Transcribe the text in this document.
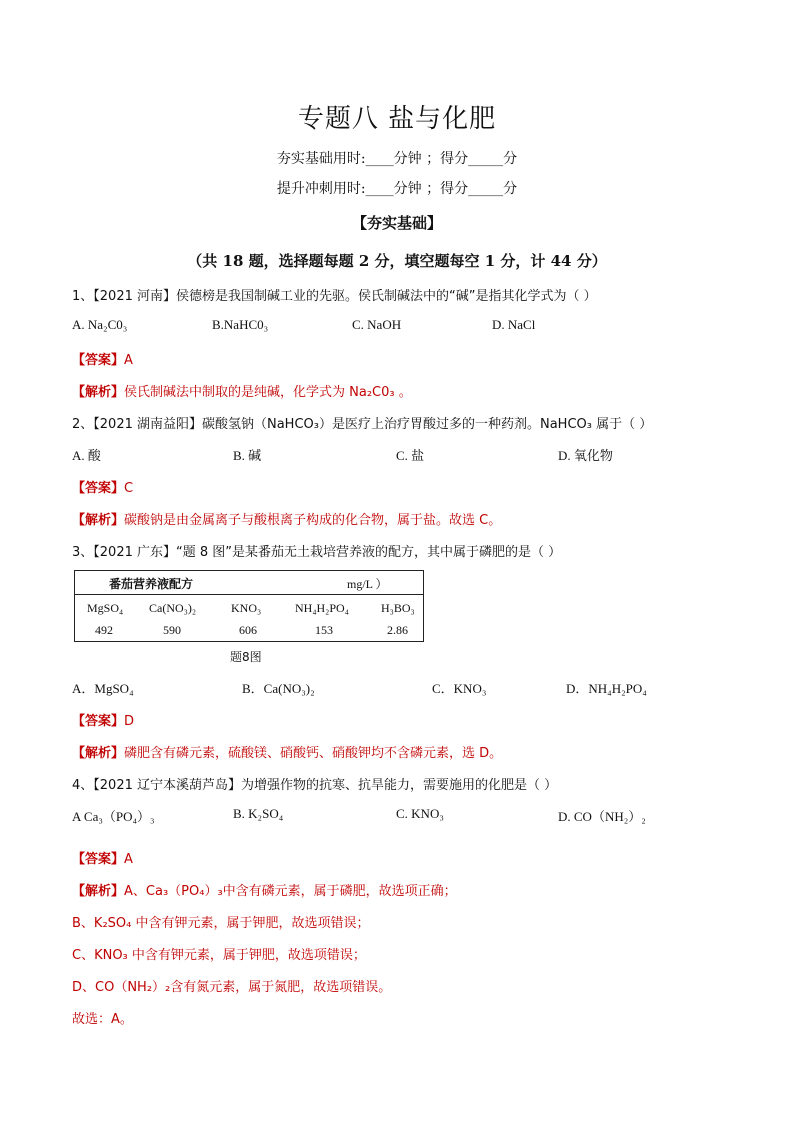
专题八 盐与化肥
夯实基础用时:____分钟 ；得分_____分
提升冲刺用时:____分钟 ；得分_____分
【夯实基础】
（共 18 题，选择题每题 2 分，填空题每空 1 分，计 44 分）
1、【2021 河南】侯德榜是我国制碱工业的先驱。侯氏制碱法中的“碱”是指其化学式为（ ）
A. Na₂C0₃	B.NaHC0₃	C. NaOH	D. NaCl
【答案】A
【解析】侯氏制碱法中制取的是纯碱，化学式为 Na₂C0₃ 。
2、【2021 湖南益阳】碳酸氢钠（NaHCO₃）是医疗上治疗胃酸过多的一种药剂。NaHCO₃ 属于（ ）
A. 酸	B. 碱	C. 盐	D. 氧化物
【答案】C
【解析】碳酸钠是由金属离子与酸根离子构成的化合物，属于盐。故选 C。
3、【2021 广东】“题 8 图”是某番茄无土栽培营养液的配方，其中属于磷肥的是（ ）
番茄营养液配方	mg/L ）
MgSO₄ Ca(NO₃)₂	KNO₃	NH₄H₂PO₄	H₃BO₃
492	590	606	153	2.86
题8图
A．MgSO₄	B．Ca(NO₃)₂	C．KNO₃	D．NH₄H₂PO₄
【答案】D
【解析】磷肥含有磷元素，硫酸镁、硝酸钙、硝酸钾均不含磷元素，选 D。
4、【2021 辽宁本溪葫芦岛】为增强作物的抗寒、抗旱能力，需要施用的化肥是（ ）
A Ca₃（PO₄）₃	B. K₂SO₄	C. KNO₃	D. CO（NH₂）₂
【答案】A
【解析】A、Ca₃（PO₄）₃中含有磷元素，属于磷肥，故选项正确；
B、K₂SO₄ 中含有钾元素，属于钾肥，故选项错误；
C、KNO₃ 中含有钾元素，属于钾肥，故选项错误；
D、CO（NH₂）₂含有氮元素，属于氮肥，故选项错误。
故选：A。
